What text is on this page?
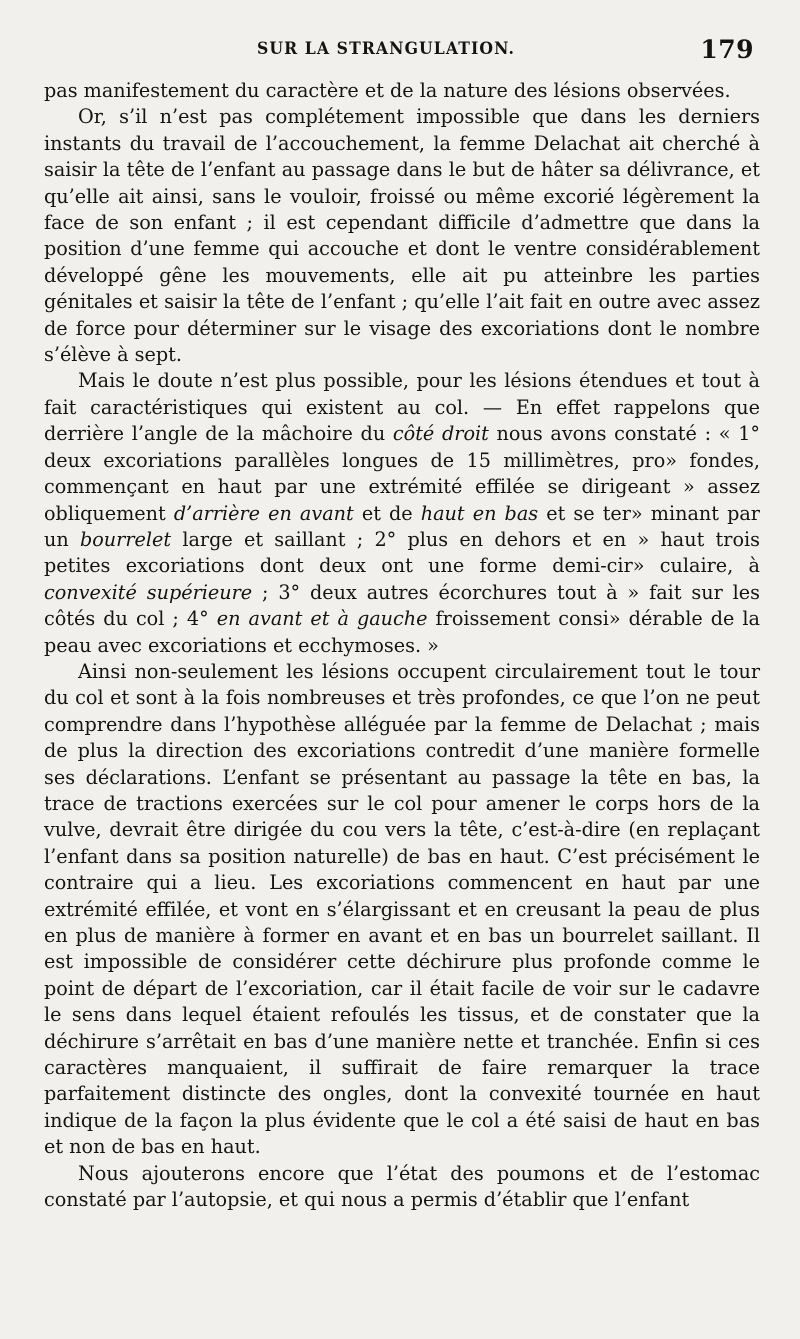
SUR LA STRANGULATION.	179

pas manifestement du caractère et de la nature des lésions observées.

Or, s’il n’est pas complétement impossible que dans les derniers instants du travail de l’accouchement, la femme Delachat ait cherché à saisir la tête de l’enfant au passage dans le but de hâter sa délivrance, et qu’elle ait ainsi, sans le vouloir, froissé ou même excorié légèrement la face de son enfant ; il est cependant difficile d’admettre que dans la position d’une femme qui accouche et dont le ventre considérablement développé gêne les mouvements, elle ait pu atteinbre les parties génitales et saisir la tête de l’enfant ; qu’elle l’ait fait en outre avec assez de force pour déterminer sur le visage des excoriations dont le nombre s’élève à sept.

Mais le doute n’est plus possible, pour les lésions étendues et tout à fait caractéristiques qui existent au col. — En effet rappelons que derrière l’angle de la mâchoire du côté droit nous avons constaté : « 1° deux excoriations parallèles longues de 15 millimètres, pro» fondes, commençant en haut par une extrémité effilée se dirigeant » assez obliquement d’arrière en avant et de haut en bas et se ter» minant par un bourrelet large et saillant ; 2° plus en dehors et en » haut trois petites excoriations dont deux ont une forme demi-cir» culaire, à convexité supérieure ; 3° deux autres écorchures tout à » fait sur les côtés du col ; 4° en avant et à gauche froissement consi» dérable de la peau avec excoriations et ecchymoses. »

Ainsi non-seulement les lésions occupent circulairement tout le tour du col et sont à la fois nombreuses et très profondes, ce que l’on ne peut comprendre dans l’hypothèse alléguée par la femme de Delachat ; mais de plus la direction des excoriations contredit d’une manière formelle ses déclarations. L’enfant se présentant au passage la tête en bas, la trace de tractions exercées sur le col pour amener le corps hors de la vulve, devrait être dirigée du cou vers la tête, c’est-à-dire (en replaçant l’enfant dans sa position naturelle) de bas en haut. C’est précisément le contraire qui a lieu. Les excoriations commencent en haut par une extrémité effilée, et vont en s’élargissant et en creusant la peau de plus en plus de manière à former en avant et en bas un bourrelet saillant. Il est impossible de considérer cette déchirure plus profonde comme le point de départ de l’excoriation, car il était facile de voir sur le cadavre le sens dans lequel étaient refoulés les tissus, et de constater que la déchirure s’arrêtait en bas d’une manière nette et tranchée. Enfin si ces caractères manquaient, il suffirait de faire remarquer la trace parfaitement distincte des ongles, dont la convexité tournée en haut indique de la façon la plus évidente que le col a été saisi de haut en bas et non de bas en haut.

Nous ajouterons encore que l’état des poumons et de l’estomac constaté par l’autopsie, et qui nous a permis d’établir que l’enfant
